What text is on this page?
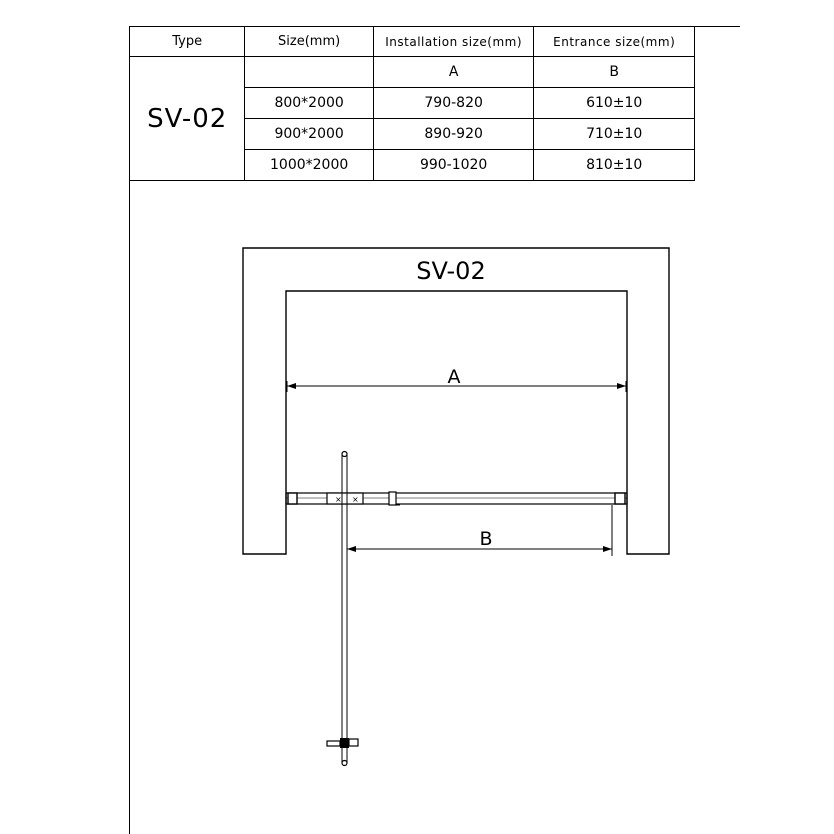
Type	Size(mm)	Installation size(mm)	Entrance size(mm)
SV-02		A	B
	800*2000	790-820	610±10
	900*2000	890-920	710±10
	1000*2000	990-1020	810±10
SV-02
A
× ×
B
